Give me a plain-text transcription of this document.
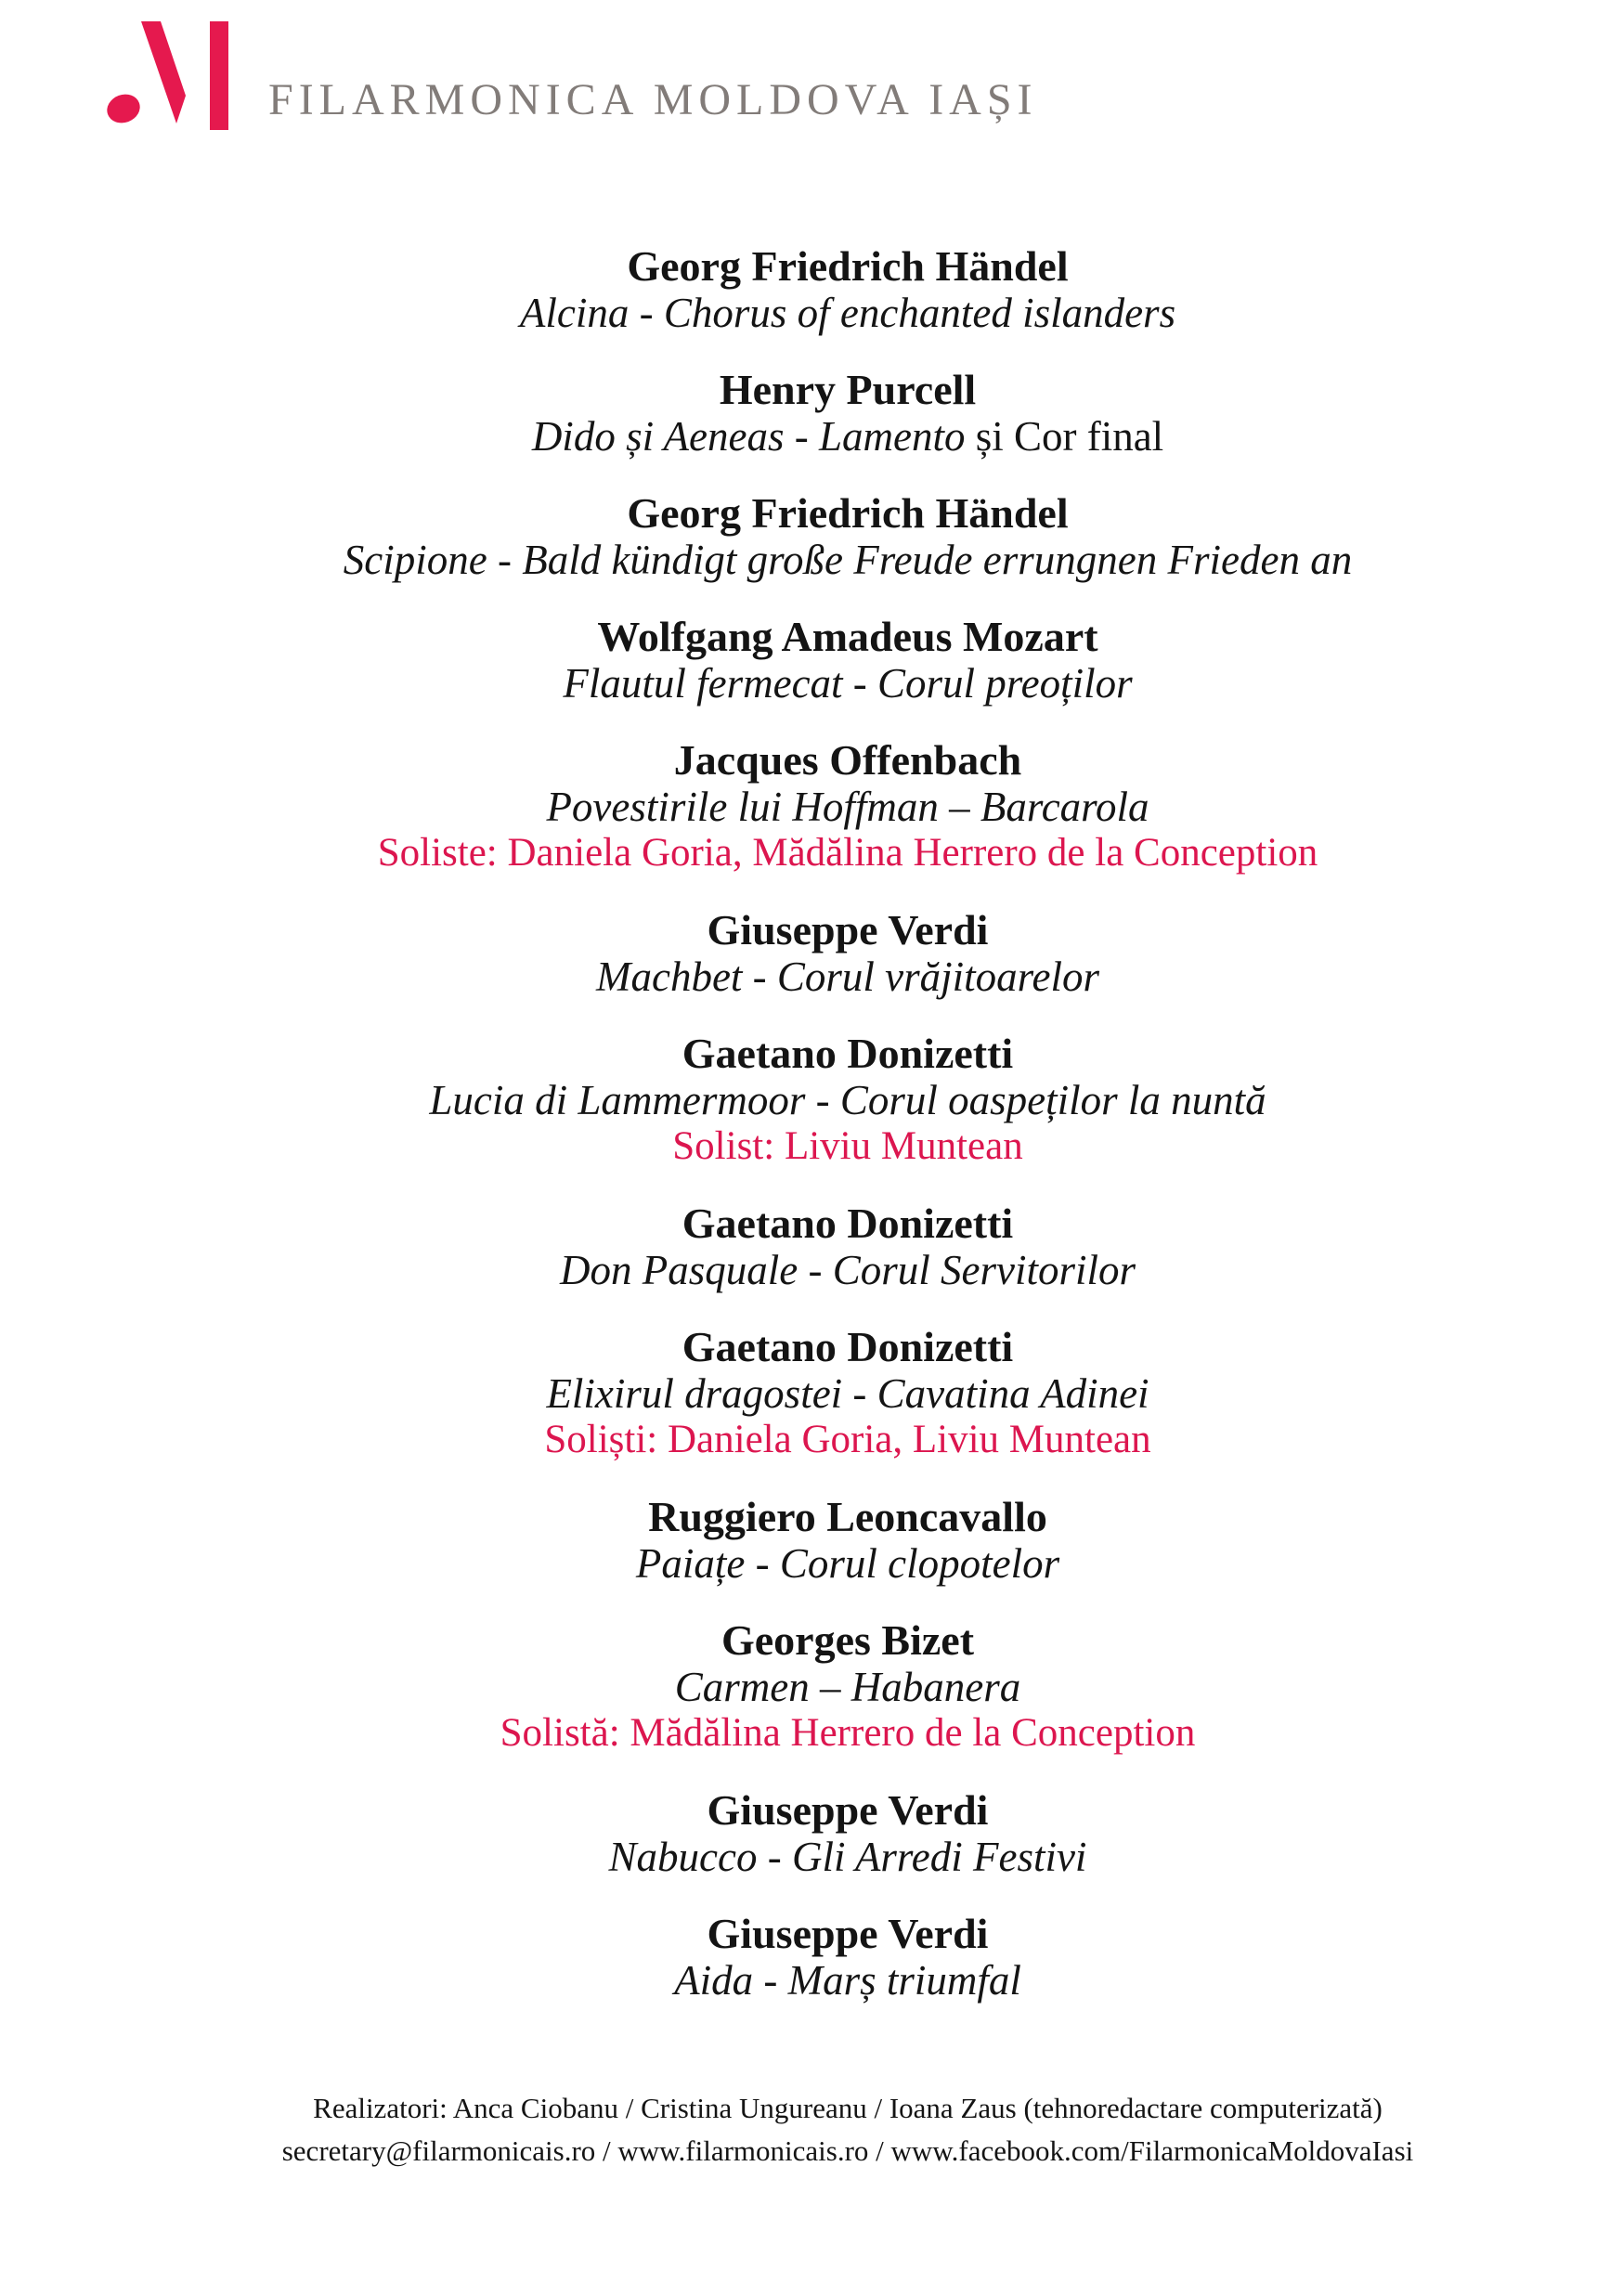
FILARMONICA MOLDOVA IAȘI
Georg Friedrich Händel

Alcina - Chorus of enchanted islanders

Henry Purcell

Dido și Aeneas - Lamento și Cor final

Georg Friedrich Händel

Scipione - Bald kündigt große Freude errungnen Frieden an

Wolfgang Amadeus Mozart

Flautul fermecat - Corul preoților

Jacques Offenbach

Povestirile lui Hoffman – Barcarola

Soliste: Daniela Goria, Mădălina Herrero de la Conception

Giuseppe Verdi

Machbet - Corul vrăjitoarelor

Gaetano Donizetti

Lucia di Lammermoor - Corul oaspeților la nuntă

Solist: Liviu Muntean

Gaetano Donizetti

Don Pasquale - Corul Servitorilor

Gaetano Donizetti

Elixirul dragostei - Cavatina Adinei

Soliști: Daniela Goria, Liviu Muntean

Ruggiero Leoncavallo

Paiațe - Corul clopotelor

Georges Bizet

Carmen – Habanera

Solistă: Mădălina Herrero de la Conception

Giuseppe Verdi

Nabucco - Gli Arredi Festivi

Giuseppe Verdi

Aida - Marș triumfal

Realizatori: Anca Ciobanu / Cristina Ungureanu / Ioana Zaus (tehnoredactare computerizată)

secretary@filarmonicais.ro / www.filarmonicais.ro / www.facebook.com/FilarmonicaMoldovaIasi
